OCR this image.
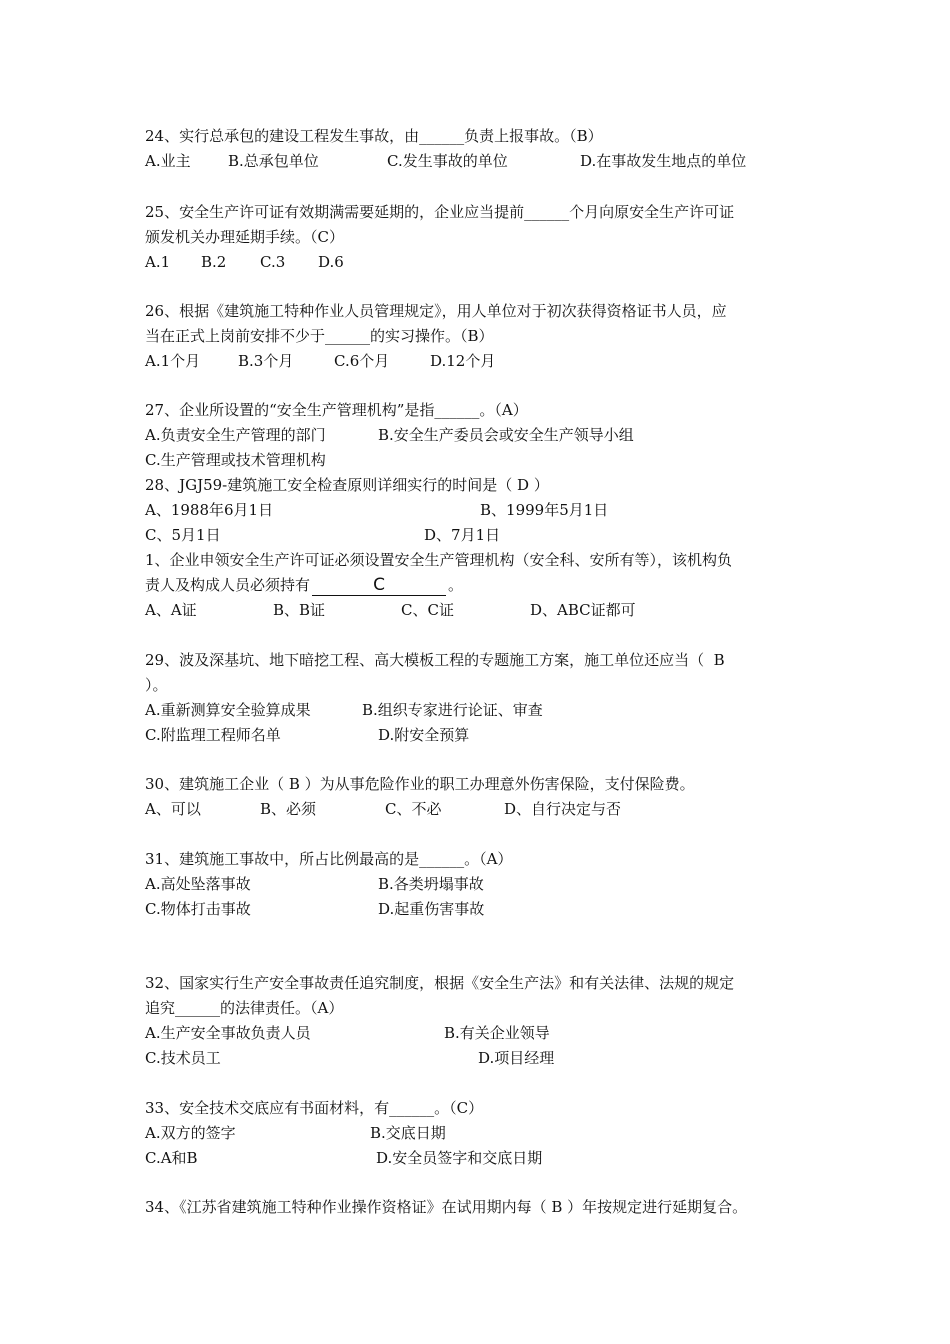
24、实行总承包的建设工程发生事故，由______负责上报事故。（B）
A.业主 B.总承包单位	C.发生事故的单位	D.在事故发生地点的单位
25、安全生产许可证有效期满需要延期的，企业应当提前______个月向原安全生产许可证
颁发机关办理延期手续。（C）
A.1 B.2 C.3 D.6
26、根据《建筑施工特种作业人员管理规定》，用人单位对于初次获得资格证书人员，应
当在正式上岗前安排不少于______的实习操作。（B）
A.1个月	B.3个月	C.6个月	D.12个月
27、企业所设置的“安全生产管理机构”是指______。（A）
A.负责安全生产管理的部门	B.安全生产委员会或安全生产领导小组
C.生产管理或技术管理机构
28、JGJ59-建筑施工安全检查原则详细实行的时间是（ D ）
A、1988年6月1日	B、1999年5月1日
C、5月1日	D、7月1日
1、企业申领安全生产许可证必须设置安全生产管理机构（安全科、安所有等），该机构负
责人及构成人员必须持有	C	。
A、A证	B、B证	C、C证	D、ABC证都可
29、波及深基坑、地下暗挖工程、高大模板工程的专题施工方案，施工单位还应当（  B
）。
A.重新测算安全验算成果	B.组织专家进行论证、审查
C.附监理工程师名单	D.附安全预算
30、建筑施工企业（ B ）为从事危险作业的职工办理意外伤害保险，支付保险费。
A、可以	B、必须	C、不必	D、自行决定与否
31、建筑施工事故中，所占比例最高的是______。（A）
A.高处坠落事故	B.各类坍塌事故
C.物体打击事故	D.起重伤害事故
32、国家实行生产安全事故责任追究制度，根据《安全生产法》和有关法律、法规的规定
追究______的法律责任。（A）
A.生产安全事故负责人员	B.有关企业领导
C.技术员工	D.项目经理
33、安全技术交底应有书面材料，有______。（C）
A.双方的签字	B.交底日期
C.A和B	D.安全员签字和交底日期
34、《江苏省建筑施工特种作业操作资格证》在试用期内每（ B ）年按规定进行延期复合。
